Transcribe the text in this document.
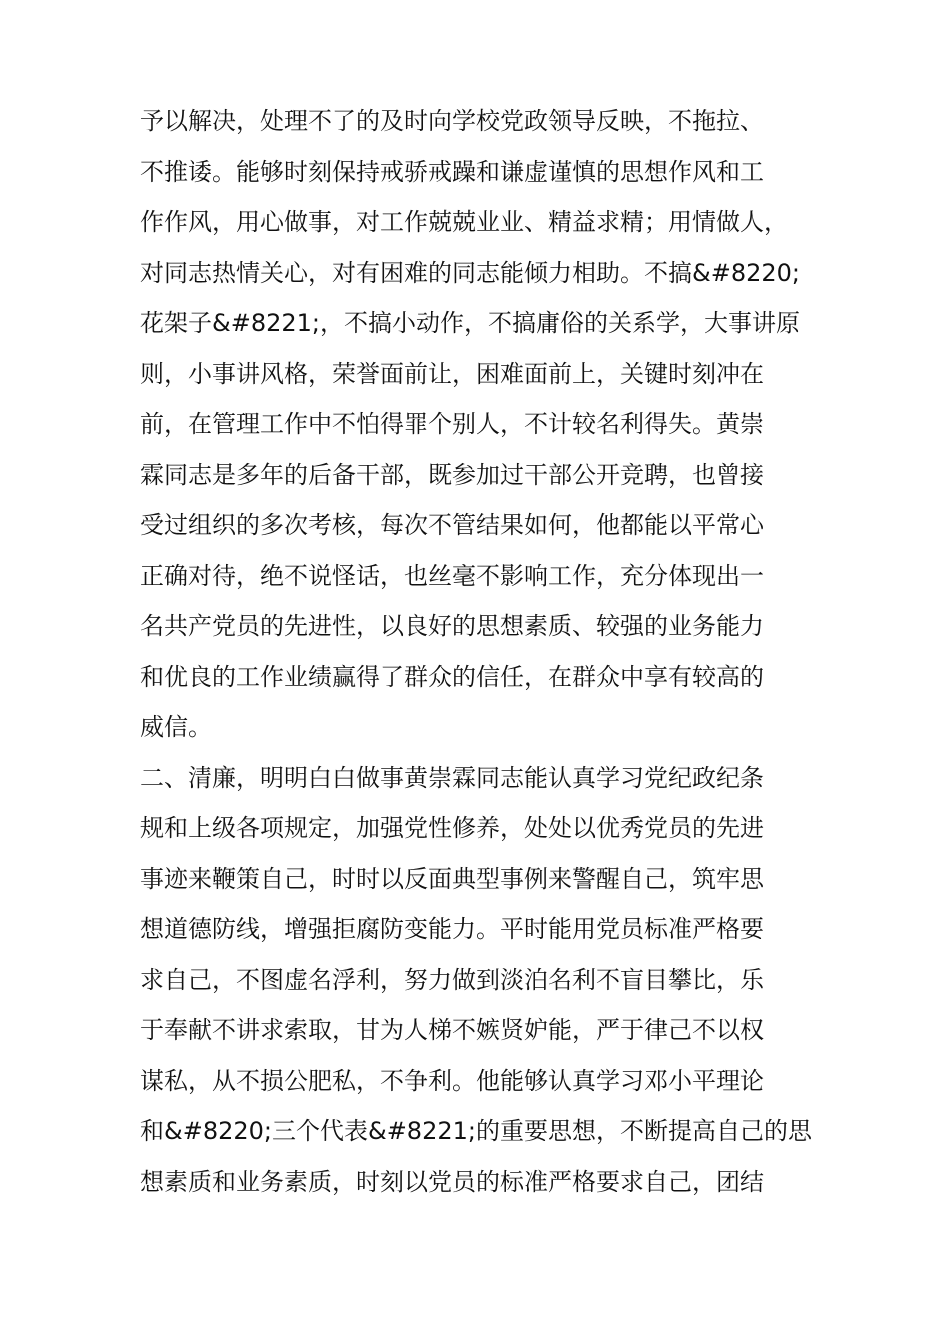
予以解决，处理不了的及时向学校党政领导反映，不拖拉、
不推诿。能够时刻保持戒骄戒躁和谦虚谨慎的思想作风和工
作作风，用心做事，对工作兢兢业业、精益求精；用情做人，
对同志热情关心，对有困难的同志能倾力相助。不搞&#8220;
花架子&#8221;，不搞小动作，不搞庸俗的关系学，大事讲原
则，小事讲风格，荣誉面前让，困难面前上，关键时刻冲在
前，在管理工作中不怕得罪个别人，不计较名利得失。黄崇
霖同志是多年的后备干部，既参加过干部公开竞聘，也曾接
受过组织的多次考核，每次不管结果如何，他都能以平常心
正确对待，绝不说怪话，也丝毫不影响工作，充分体现出一
名共产党员的先进性，以良好的思想素质、较强的业务能力
和优良的工作业绩赢得了群众的信任，在群众中享有较高的
威信。
二、清廉，明明白白做事黄崇霖同志能认真学习党纪政纪条
规和上级各项规定，加强党性修养，处处以优秀党员的先进
事迹来鞭策自己，时时以反面典型事例来警醒自己，筑牢思
想道德防线，增强拒腐防变能力。平时能用党员标准严格要
求自己，不图虚名浮利，努力做到淡泊名利不盲目攀比，乐
于奉献不讲求索取，甘为人梯不嫉贤妒能，严于律己不以权
谋私，从不损公肥私，不争利。他能够认真学习邓小平理论
和&#8220;三个代表&#8221;的重要思想，不断提高自己的思
想素质和业务素质，时刻以党员的标准严格要求自己，团结
